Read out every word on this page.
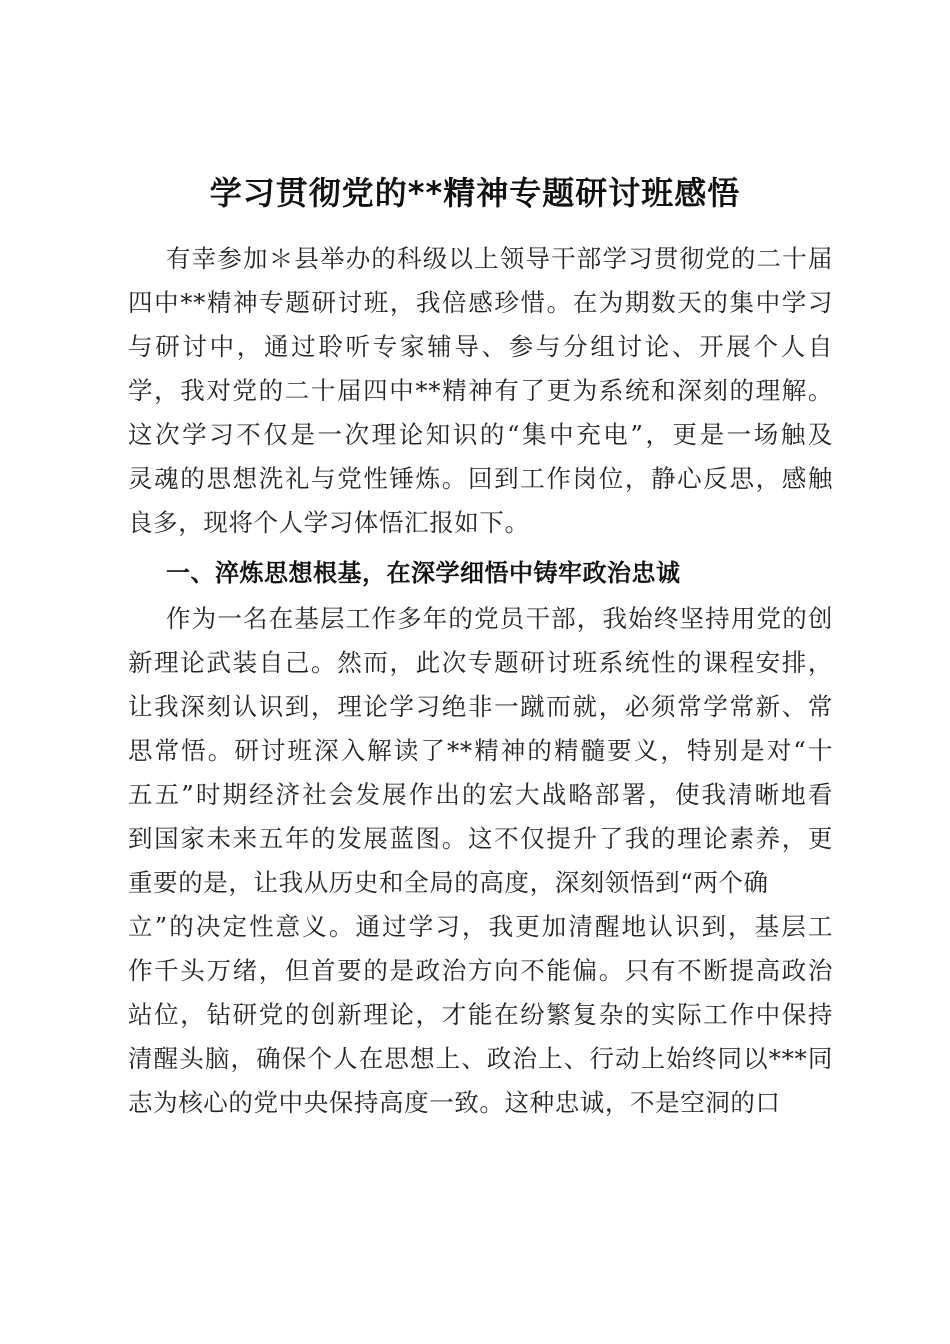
学习贯彻党的**精神专题研讨班感悟
有幸参加＊县举办的科级以上领导干部学习贯彻党的二十届
四中**精神专题研讨班，我倍感珍惜。在为期数天的集中学习
与研讨中，通过聆听专家辅导、参与分组讨论、开展个人自
学，我对党的二十届四中**精神有了更为系统和深刻的理解。
这次学习不仅是一次理论知识的“集中充电”，更是一场触及
灵魂的思想洗礼与党性锤炼。回到工作岗位，静心反思，感触
良多，现将个人学习体悟汇报如下。
一、淬炼思想根基，在深学细悟中铸牢政治忠诚
作为一名在基层工作多年的党员干部，我始终坚持用党的创
新理论武装自己。然而，此次专题研讨班系统性的课程安排，
让我深刻认识到，理论学习绝非一蹴而就，必须常学常新、常
思常悟。研讨班深入解读了**精神的精髓要义，特别是对“十
五五”时期经济社会发展作出的宏大战略部署，使我清晰地看
到国家未来五年的发展蓝图。这不仅提升了我的理论素养，更
重要的是，让我从历史和全局的高度，深刻领悟到“两个确
立”的决定性意义。通过学习，我更加清醒地认识到，基层工
作千头万绪，但首要的是政治方向不能偏。只有不断提高政治
站位，钻研党的创新理论，才能在纷繁复杂的实际工作中保持
清醒头脑，确保个人在思想上、政治上、行动上始终同以***同
志为核心的党中央保持高度一致。这种忠诚，不是空洞的口
